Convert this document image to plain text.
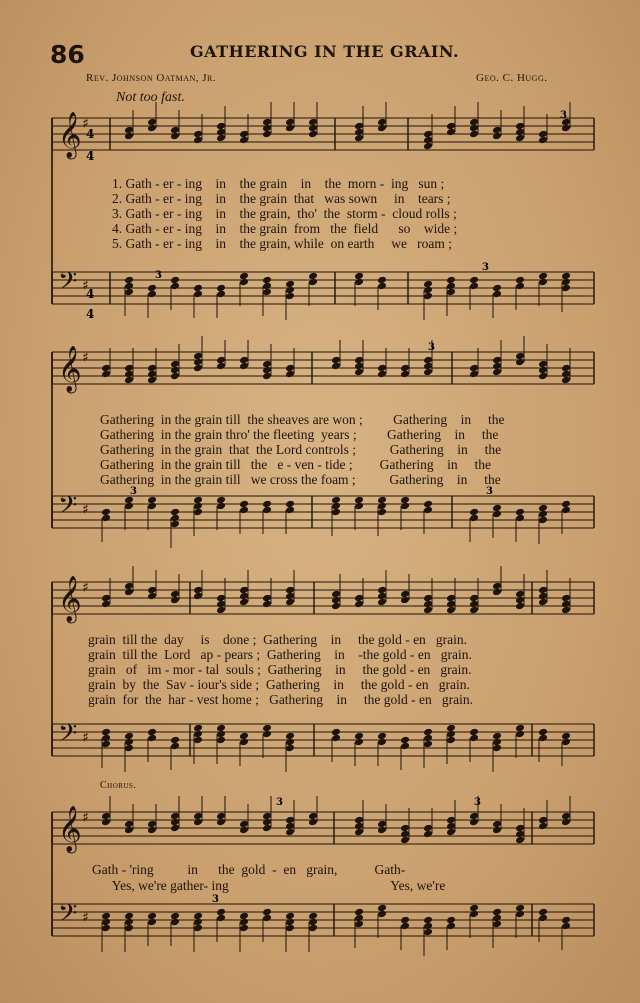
86	GATHERING IN THE GRAIN.
Rev. Johnson Oatman, Jr.	Geo. C. Hugg.
Not too fast.
Chorus.
𝄞 ♯
𝄢 ♯
𝄞 ♯
𝄢 ♯
𝄞 ♯
𝄢 ♯
𝄞 ♯
𝄢 ♯
4
4
4
4
3
3
3
3
3	3
3	3
3
1. Gath - er - ing    in    the grain    in    the  morn -  ing   sun ;
2. Gath - er - ing    in    the grain  that   was sown     in    tears ;
3. Gath - er - ing    in    the grain,  tho'  the  storm -  cloud rolls ;
4. Gath - er - ing    in    the grain  from   the  field      so    wide ;
5. Gath - er - ing    in    the grain, while  on earth     we   roam ;
Gathering  in the grain till  the sheaves are won ;         Gathering    in     the
Gathering  in the grain thro' the fleeting  years ;         Gathering    in     the
Gathering  in the grain  that  the Lord controls ;          Gathering    in     the
Gathering  in the grain till   the   e - ven - tide ;        Gathering    in     the
Gathering  in the grain till   we cross the foam ;          Gathering    in     the
grain  till the  day     is    done ;  Gathering    in     the gold - en   grain.
grain  till the  Lord   ap - pears ;  Gathering    in    -the gold - en   grain.
grain   of   im - mor - tal  souls ;  Gathering    in     the gold - en   grain.
grain  by  the  Sav - iour's side ;  Gathering    in     the gold - en   grain.
grain  for  the  har - vest home ;   Gathering    in     the gold - en   grain.
Gath - 'ring          in      the  gold  -  en   grain,           Gath-
Yes, we're gather- ing                                                Yes, we're
